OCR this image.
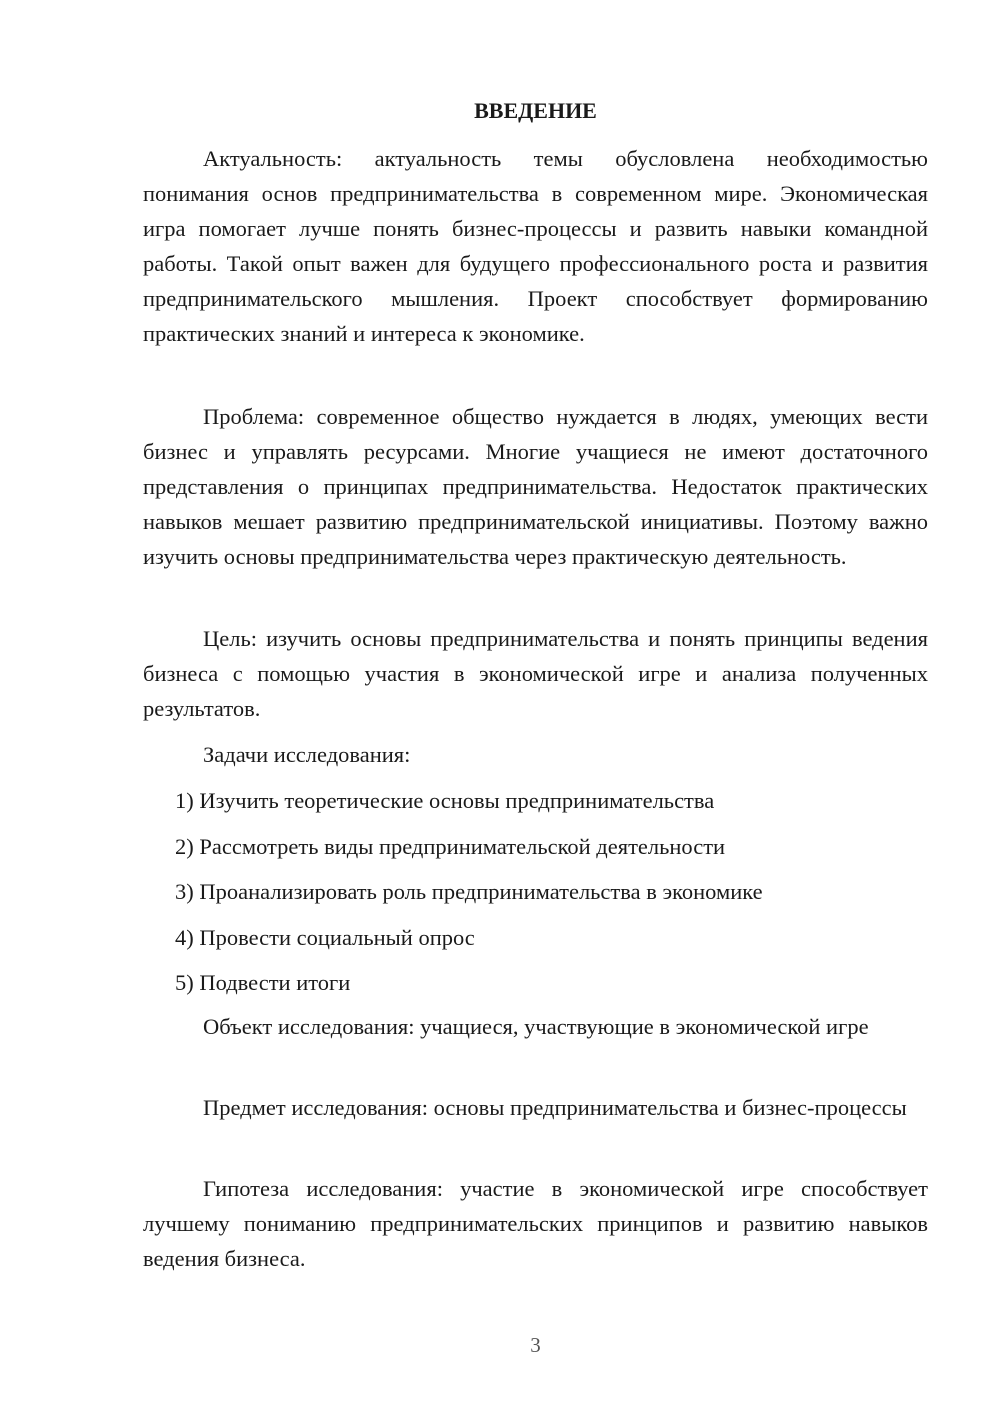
ВВЕДЕНИЕ

Актуальность: актуальность темы обусловлена необходимостью понимания основ предпринимательства в современном мире. Экономическая игра помогает лучше понять бизнес-процессы и развить навыки командной работы. Такой опыт важен для будущего профессионального роста и развития предпринимательского мышления. Проект способствует формированию практических знаний и интереса к экономике.

Проблема: современное общество нуждается в людях, умеющих вести бизнес и управлять ресурсами. Многие учащиеся не имеют достаточного представления о принципах предпринимательства. Недостаток практических навыков мешает развитию предпринимательской инициативы. Поэтому важно изучить основы предпринимательства через практическую деятельность.

Цель: изучить основы предпринимательства и понять принципы ведения бизнеса с помощью участия в экономической игре и анализа полученных результатов.

Задачи исследования:

1) Изучить теоретические основы предпринимательства
2) Рассмотреть виды предпринимательской деятельности
3) Проанализировать роль предпринимательства в экономике
4) Провести социальный опрос
5) Подвести итоги

Объект исследования: учащиеся, участвующие в экономической игре

Предмет исследования: основы предпринимательства и бизнес-процессы

Гипотеза исследования: участие в экономической игре способствует лучшему пониманию предпринимательских принципов и развитию навыков ведения бизнеса.

3
